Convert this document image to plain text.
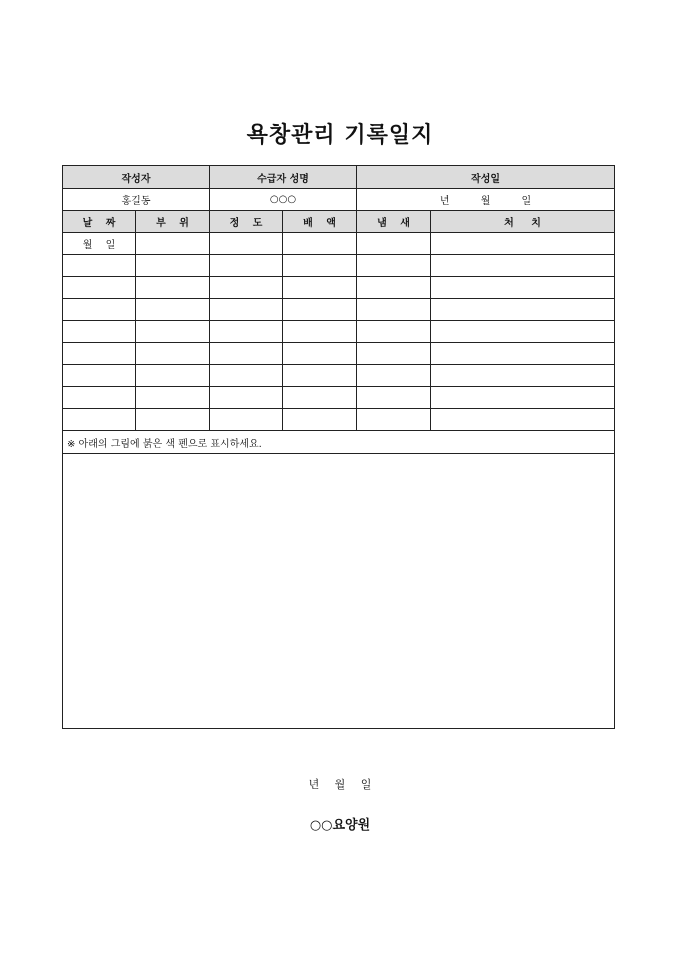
욕창관리 기록일지
작성자		수급자 성명		작성일	
홍길동		○○○		년 월 일	
날 짜	부 위	정 도	배 액	냄 새	처 치
월 일					

※ 아래의 그림에 붉은 색 펜으로 표시하세요.					

년 월 일
○○요양원
